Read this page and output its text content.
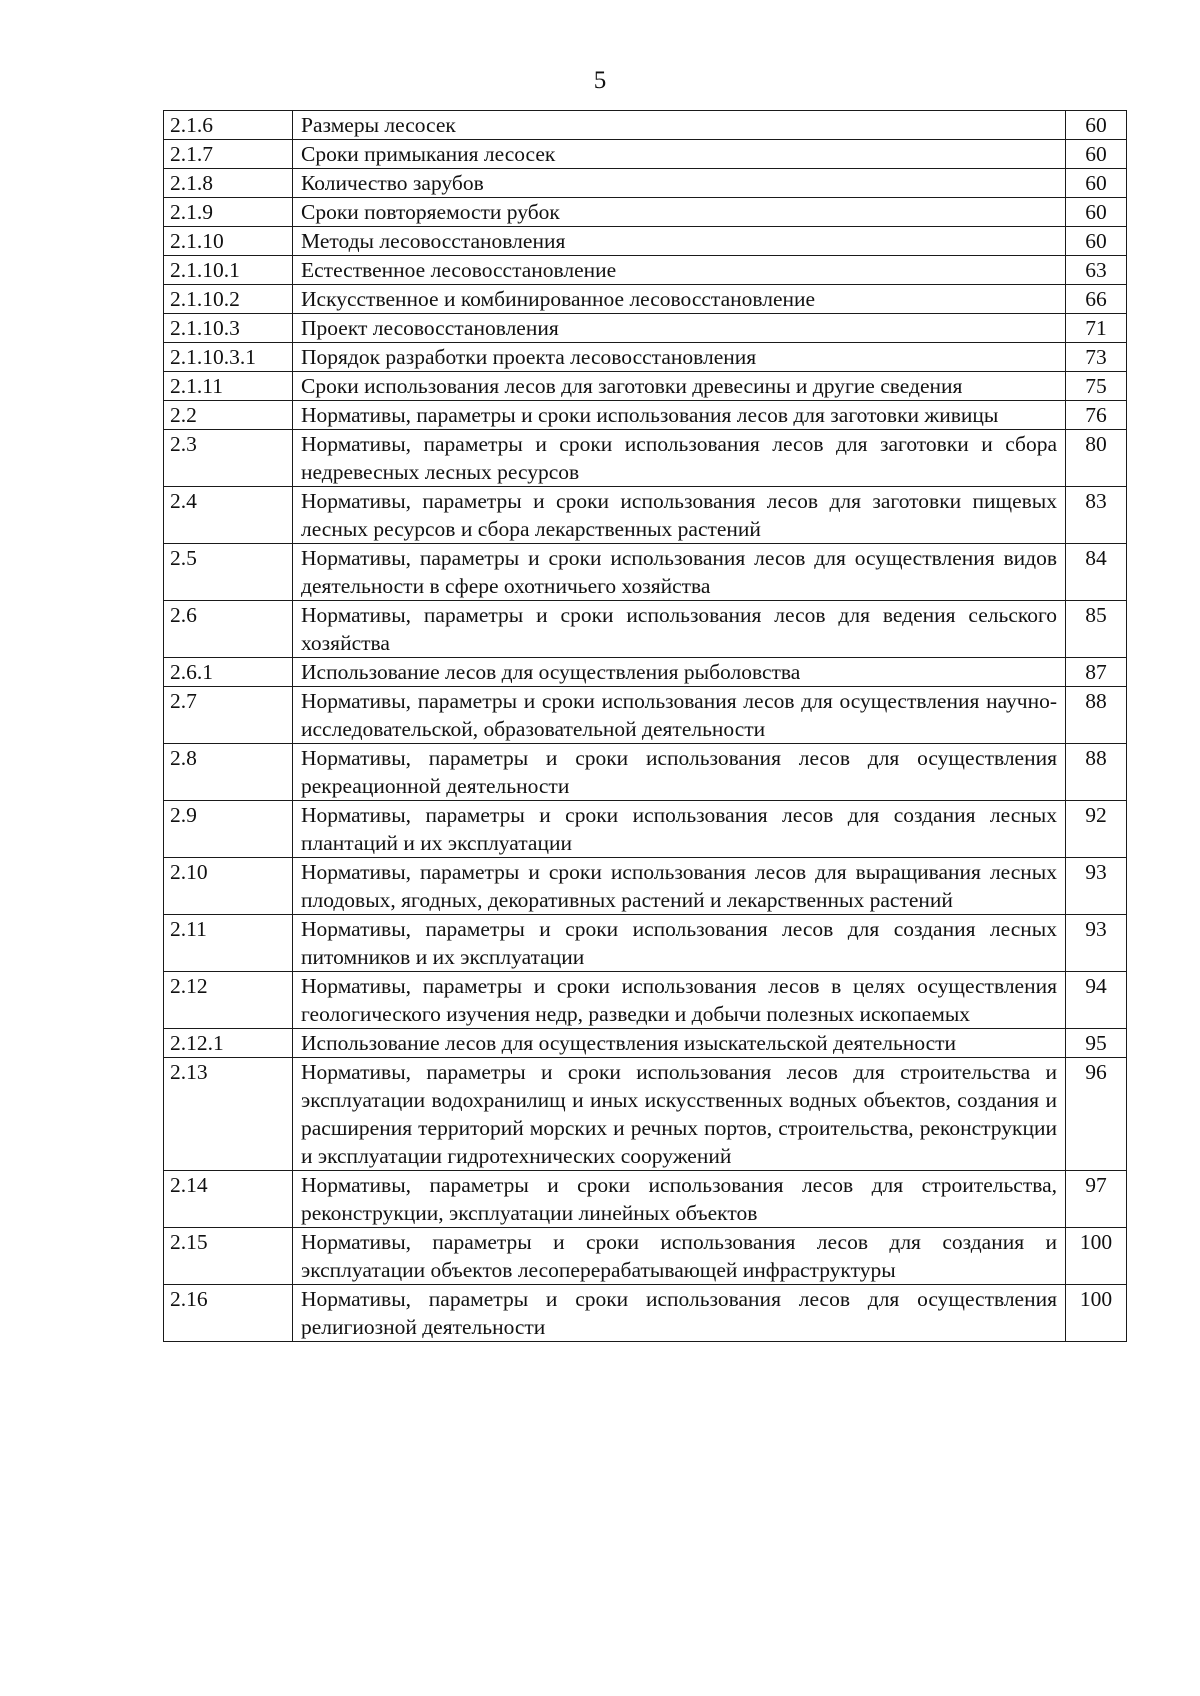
5
2.1.6	Размеры лесосек	60
2.1.7	Сроки примыкания лесосек	60
2.1.8	Количество зарубов	60
2.1.9	Сроки повторяемости рубок	60
2.1.10	Методы лесовосстановления	60
2.1.10.1	Естественное лесовосстановление	63
2.1.10.2	Искусственное и комбинированное лесовосстановление	66
2.1.10.3	Проект лесовосстановления	71
2.1.10.3.1	Порядок разработки проекта лесовосстановления	73
2.1.11	Сроки использования лесов для заготовки древесины и другие сведения	75
2.2	Нормативы, параметры и сроки использования лесов для заготовки живицы	76
2.3	Нормативы, параметры и сроки использования лесов для заготовки и сбора недревесных лесных ресурсов	80
2.4	Нормативы, параметры и сроки использования лесов для заготовки пищевых лесных ресурсов и сбора лекарственных растений	83
2.5	Нормативы, параметры и сроки использования лесов для осуществления видов деятельности в сфере охотничьего хозяйства	84
2.6	Нормативы, параметры и сроки использования лесов для ведения сельского хозяйства	85
2.6.1	Использование лесов для осуществления рыболовства	87
2.7	Нормативы, параметры и сроки использования лесов для осуществления научно-исследовательской, образовательной деятельности	88
2.8	Нормативы, параметры и сроки использования лесов для осуществления рекреационной деятельности	88
2.9	Нормативы, параметры и сроки использования лесов для создания лесных плантаций и их эксплуатации	92
2.10	Нормативы, параметры и сроки использования лесов для выращивания лесных плодовых, ягодных, декоративных растений и лекарственных растений	93
2.11	Нормативы, параметры и сроки использования лесов для создания лесных питомников и их эксплуатации	93
2.12	Нормативы, параметры и сроки использования лесов в целях осуществления геологического изучения недр, разведки и добычи полезных ископаемых	94
2.12.1	Использование лесов для осуществления изыскательской деятельности	95
2.13	Нормативы, параметры и сроки использования лесов для строительства и эксплуатации водохранилищ и иных искусственных водных объектов, создания и расширения территорий морских и речных портов, строительства, реконструкции и эксплуатации гидротехнических сооружений	96
2.14	Нормативы, параметры и сроки использования лесов для строительства, реконструкции, эксплуатации линейных объектов	97
2.15	Нормативы, параметры и сроки использования лесов для создания и эксплуатации объектов лесоперерабатывающей инфраструктуры	100
2.16	Нормативы, параметры и сроки использования лесов для осуществления религиозной деятельности	100
